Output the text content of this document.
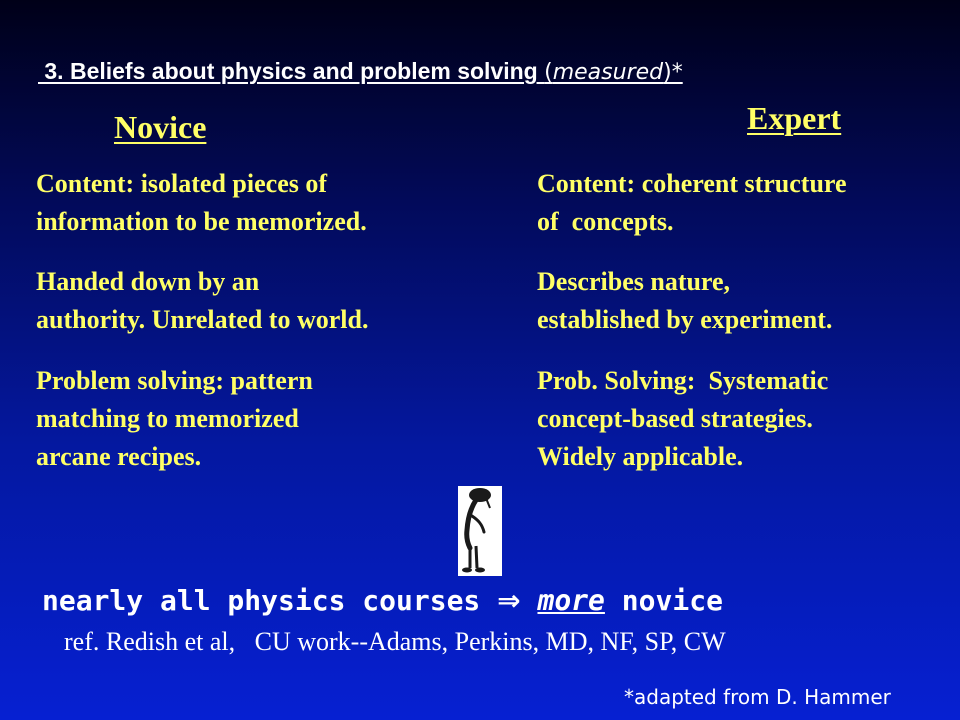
3. Beliefs about physics and problem solving (measured)*
Novice	Expert
Content: isolated pieces of
information to be memorized.
Handed down by an
authority. Unrelated to world.
Problem solving: pattern
matching to memorized
arcane recipes.
Content: coherent structure
of  concepts.
Describes nature,
established by experiment.
Prob. Solving:  Systematic
concept-based strategies.
Widely applicable.
nearly all physics courses ⇒ more novice
ref. Redish et al, CU work--Adams, Perkins, MD, NF, SP, CW
*adapted from D. Hammer
